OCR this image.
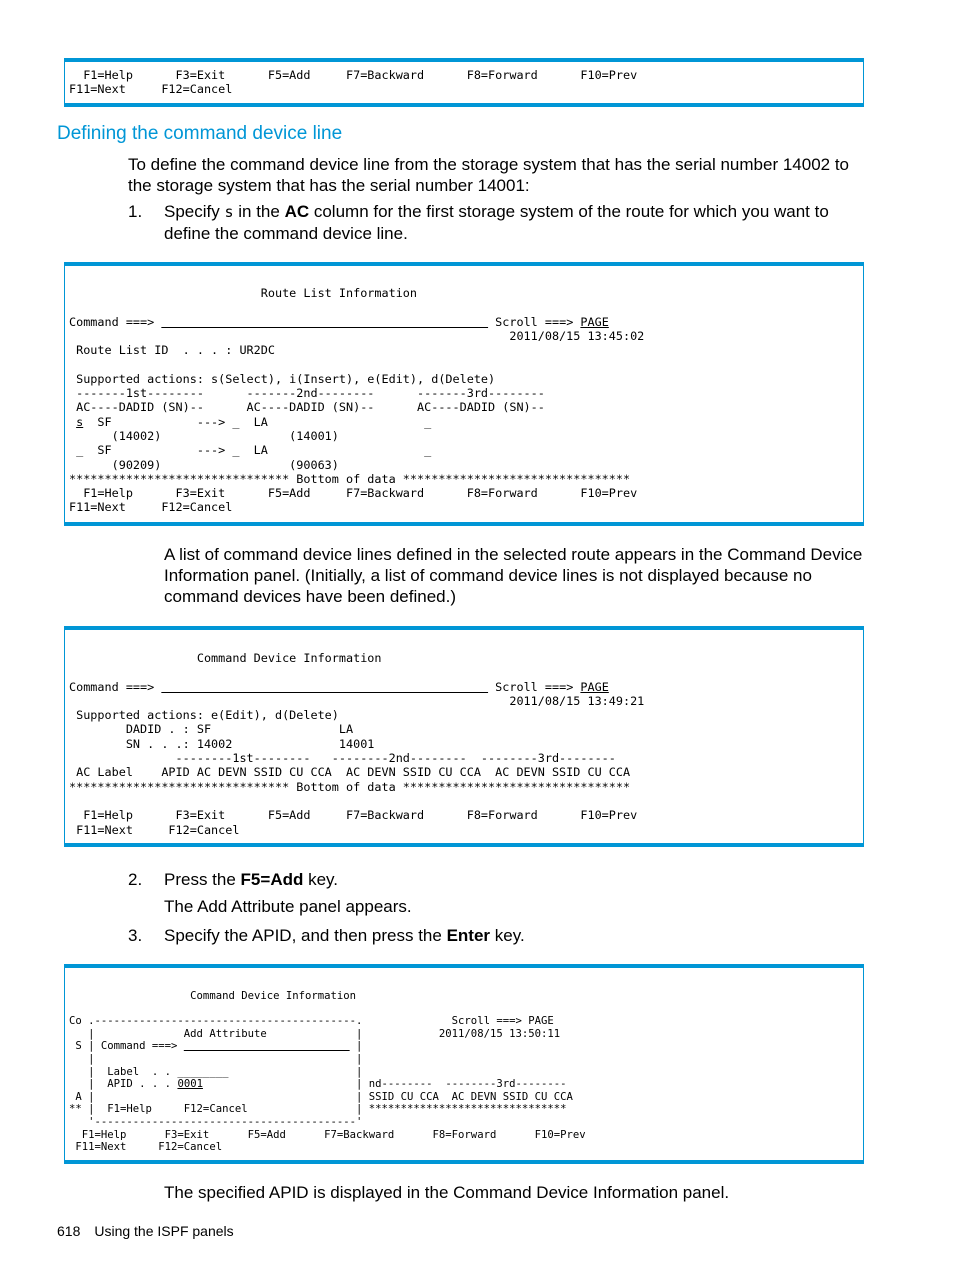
F1=Help      F3=Exit      F5=Add     F7=Backward      F8=Forward      F10=Prev
F11=Next     F12=Cancel
Defining the command device line

To define the command device line from the storage system that has the serial number 14002 to the storage system that has the serial number 14001:

1. Specify s in the AC column for the first storage system of the route for which you want to define the command device line.

Route List Information

Command ===>	Scroll ===> PAGE
2011/08/15 13:45:02
Route List ID  . . . : UR2DC

Supported actions: s(Select), i(Insert), e(Edit), d(Delete)
-------1st--------      -------2nd--------      -------3rd--------
AC----DADID (SN)--      AC----DADID (SN)--      AC----DADID (SN)--
s  SF            ---> _  LA                      _
(14002)                  (14001)
_  SF            ---> _  LA                      _
(90209)                  (90063)
******************************* Bottom of data ********************************
F1=Help      F3=Exit      F5=Add     F7=Backward      F8=Forward      F10=Prev
F11=Next     F12=Cancel

A list of command device lines defined in the selected route appears in the Command Device Information panel. (Initially, a list of command device lines is not displayed because no command devices have been defined.)

Command Device Information

Command ===>	Scroll ===> PAGE
2011/08/15 13:49:21
Supported actions: e(Edit), d(Delete)
DADID . : SF                  LA
SN . . .: 14002               14001
--------1st--------   --------2nd--------  --------3rd--------
AC Label    APID AC DEVN SSID CU CCA  AC DEVN SSID CU CCA  AC DEVN SSID CU CCA
******************************* Bottom of data ********************************

F1=Help      F3=Exit      F5=Add     F7=Backward      F8=Forward      F10=Prev
F11=Next     F12=Cancel
2. Press the F5=Add key.

The Add Attribute panel appears.

3. Specify the APID, and then press the Enter key.

Command Device Information

Co .-----------------------------------------.              Scroll ===> PAGE
|              Add Attribute              |            2011/08/15 13:50:11
S | Command ===>	|
|                                         |
|  Label  . . ________                    |
|  APID . . . 0001                        | nd--------  --------3rd--------
A |                                         | SSID CU CCA  AC DEVN SSID CU CCA
** |  F1=Help     F12=Cancel                 | *******************************
'-----------------------------------------'
F1=Help      F3=Exit      F5=Add      F7=Backward      F8=Forward      F10=Prev
F11=Next     F12=Cancel

The specified APID is displayed in the Command Device Information panel.

618 Using the ISPF panels
